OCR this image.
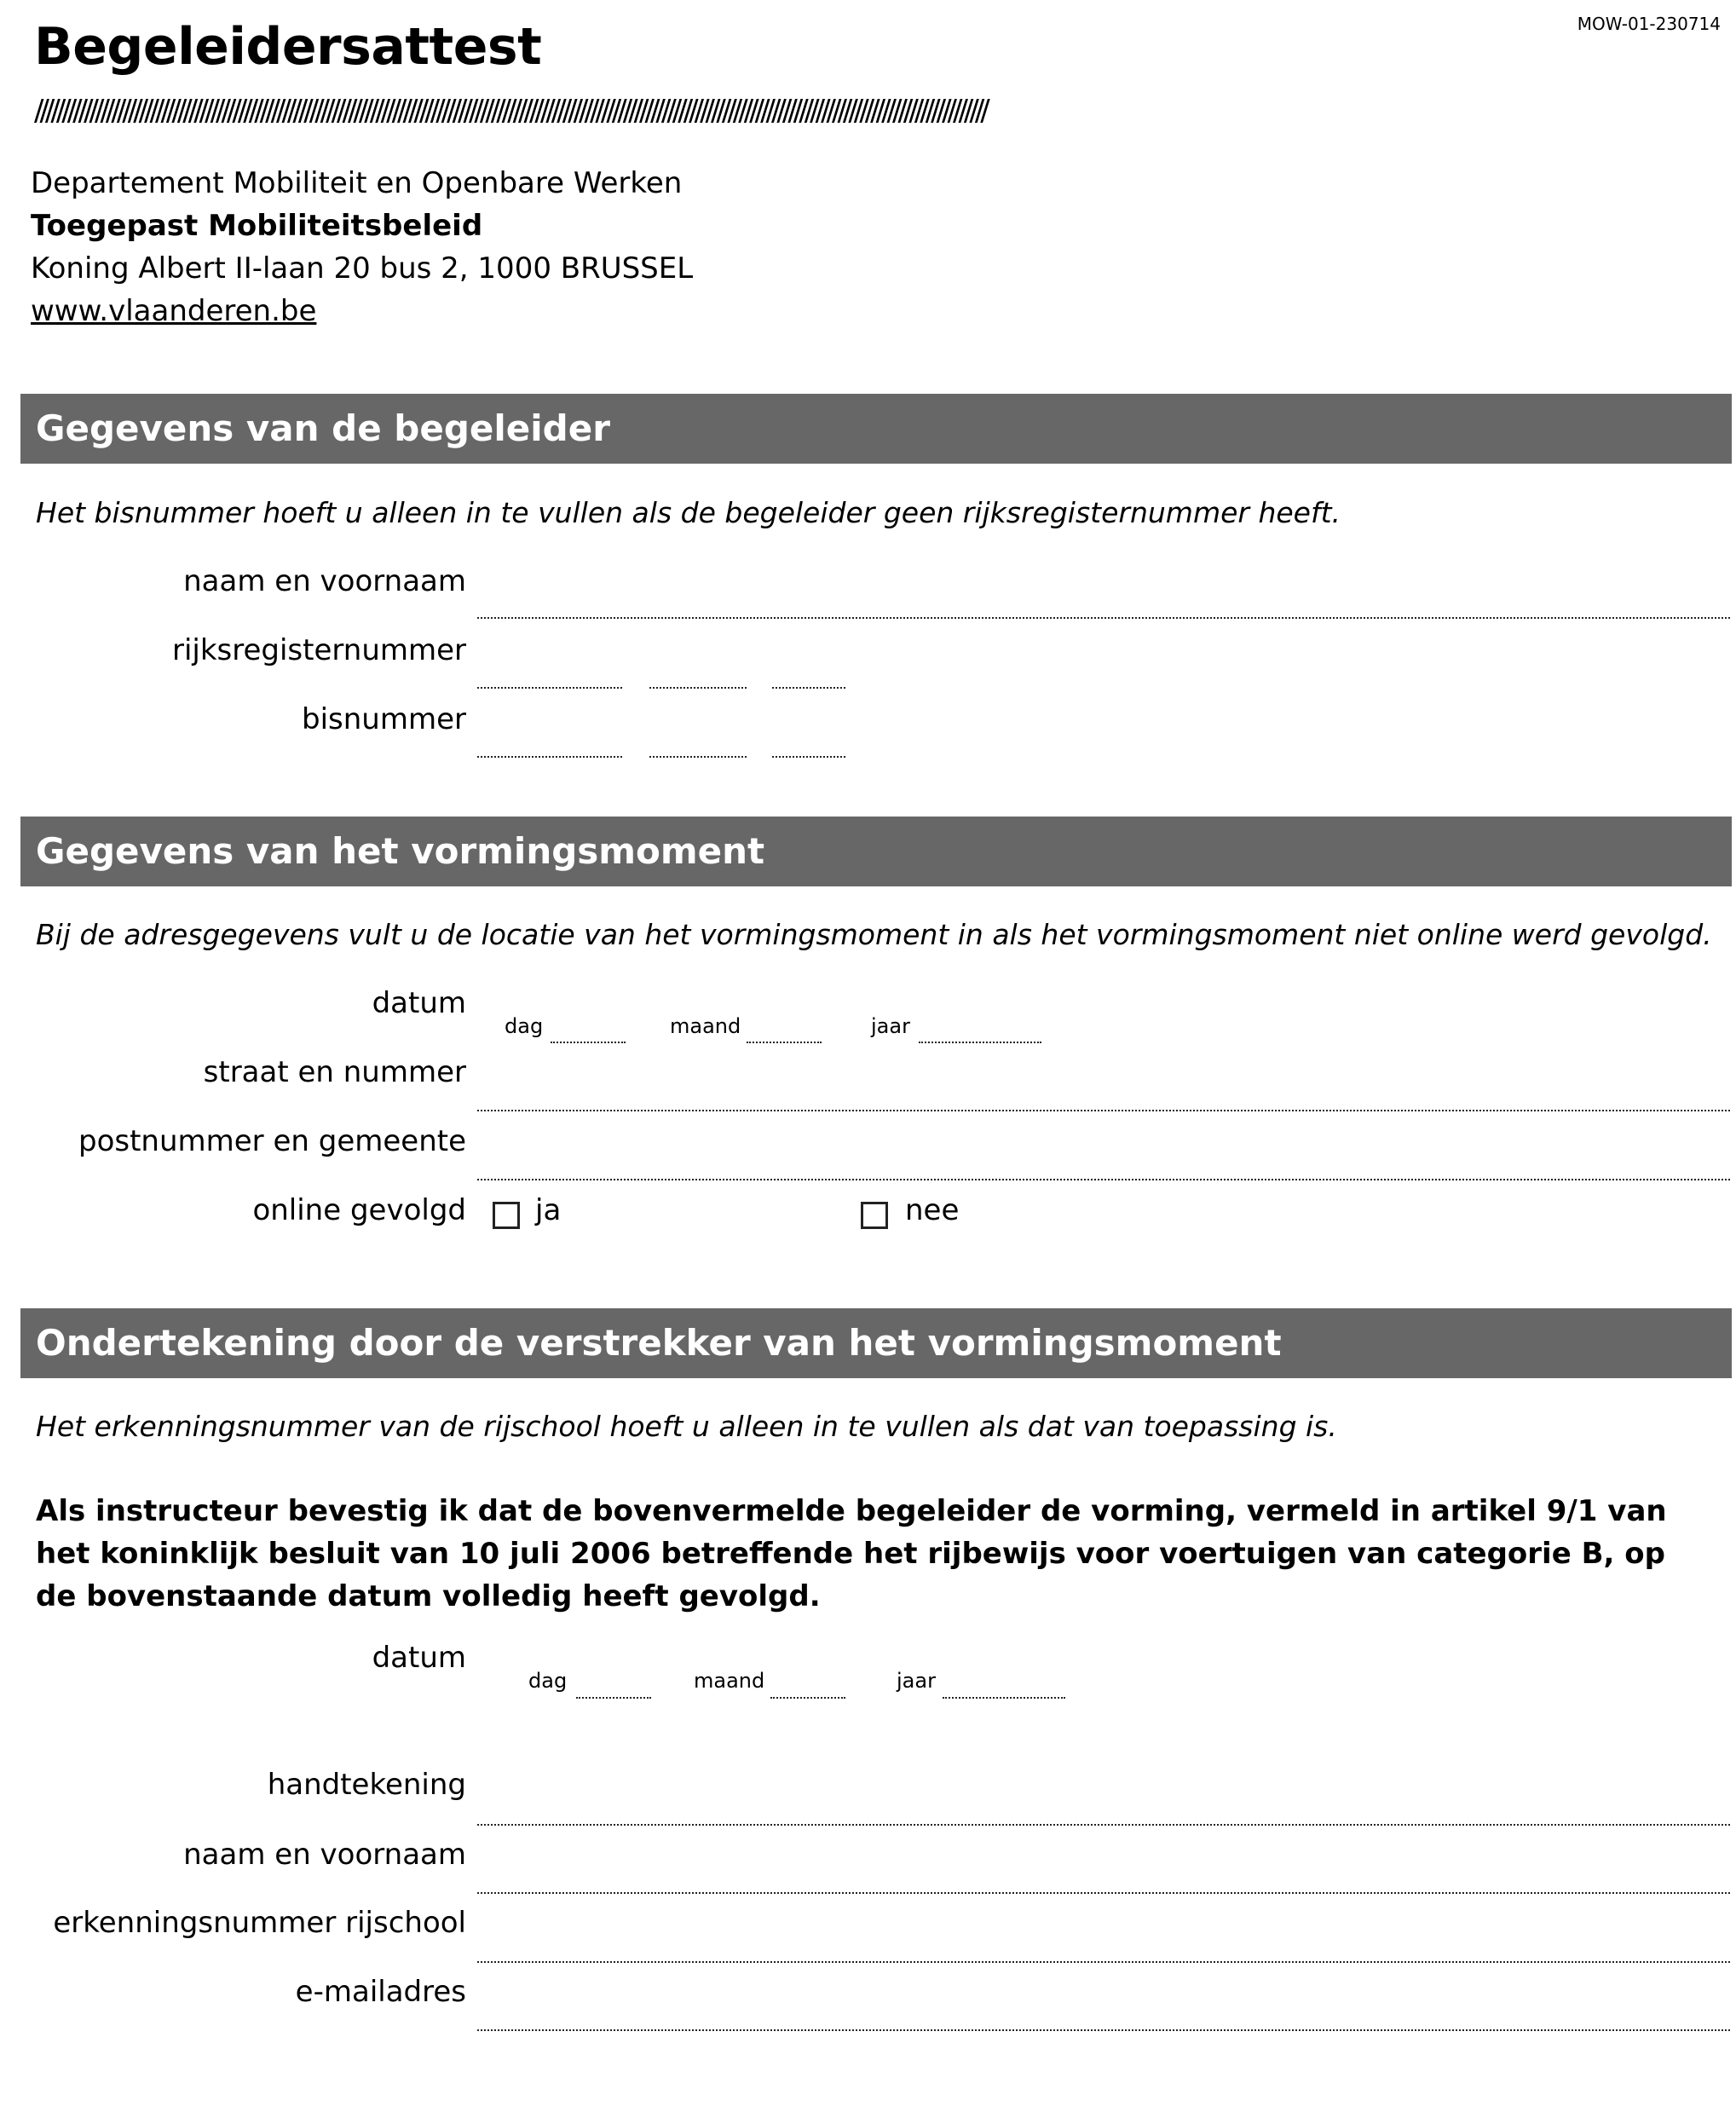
Begeleidersattest	MOW-01-230714
/////////////////////////////////////////////////////////////////////////////////////////////////////////////////////////////////////////////////////////////////////////////
Departement Mobiliteit en Openbare Werken
Toegepast Mobiliteitsbeleid
Koning Albert II-laan 20 bus 2, 1000 BRUSSEL
www.vlaanderen.be
Gegevens van de begeleider
Het bisnummer hoeft u alleen in te vullen als de begeleider geen rijksregisternummer heeft.
naam en voornaam
rijksregisternummer
bisnummer
Gegevens van het vormingsmoment
Bij de adresgegevens vult u de locatie van het vormingsmoment in als het vormingsmoment niet online werd gevolgd.
datum
dag	maand	jaar
straat en nummer
postnummer en gemeente
online gevolgd ja	nee
Ondertekening door de verstrekker van het vormingsmoment
Het erkenningsnummer van de rijschool hoeft u alleen in te vullen als dat van toepassing is.
Als instructeur bevestig ik dat de bovenvermelde begeleider de vorming, vermeld in artikel 9/1 van het koninklijk besluit van 10 juli 2006 betreffende het rijbewijs voor voertuigen van categorie B, op de bovenstaande datum volledig heeft gevolgd.
datum
dag	maand	jaar
handtekening
naam en voornaam
erkenningsnummer rijschool
e-mailadres
